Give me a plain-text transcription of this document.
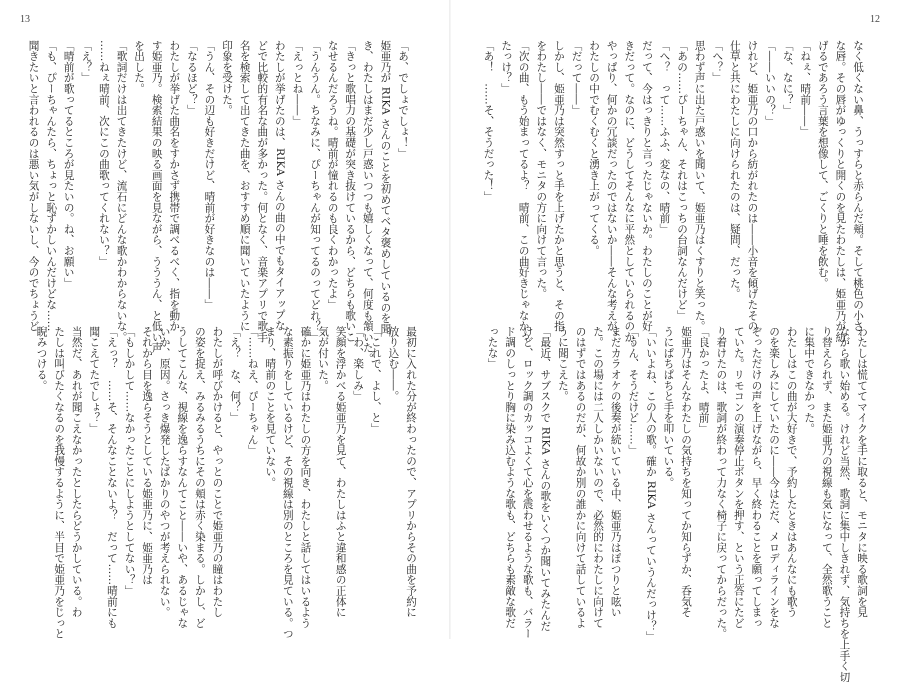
13
「あ、でしょでしょ！」
姫亜乃が RIKA さんのことを初めてベタ褒めしているのを聞
き、わたしはまだ少し戸惑いつつも嬉しくなって、何度も頷いた。
「きっと歌唱力の基礎が突き抜けているから、どちらも歌いこ
なせるんだろうね。晴前が憧れるのも良くわかったよ」
「うんうん。ちなみに、ぴーちゃんが知ってるのってどれ？」
「えっとね――」
わたしが挙げたのは、RIKA さんの曲の中でもタイアップな
どで比較的有名な曲が多かった。何となく、音楽アプリで歌手
名を検索して出てきた曲を、おすすめ順に聞いていたように
印象を受けた。
「うん、その辺も好きだけど、晴前が好きなのは――」
「なるほど？」
わたしが挙げた曲名をすかさず携帯で調べるべく、指を動か
す姫亜乃。検索結果の映る画面を見ながら、うううん、と低い声
を出した。
「歌詞だけは出てきたけど、流石にどんな歌かわからないな。
……ねぇ晴前、次にこの曲歌ってくれない？」
「え？」
「晴前が歌ってるところが見たいの。ね、お願い」
「も、ぴーちゃんたら、ちょっと恥ずかしいんだけどな……
聞きたいと言われるのは悪い気がしないし、今のでちょうど
最初に入れた分が終わったので、アプリからその曲を予約に
放り込む――。
「これで、よし、と」
「わ、楽しみ」
笑顔を浮かべる姫亜乃を見て、わたしはふと違和感の正体に
気が付いた。
確かに姫亜乃はわたしの方を向き、わたしと話してはいるよう
な素振りをしているけど、その視線は別のところを見ている。つ
まり、晴前のことを見ていない。
「……ねえ、ぴーちゃん」
「え？　な、何？」
わたしが呼びかけると、やっとのことで姫亜乃の瞳はわたし
の姿を捉え、みるみるうちにその頬は赤く染まる。しかし、ど
うしてこんな、視線を逸らすなんてこと――いや、あるじゃな
いか、原因。さっき爆発したばかりのやつが考えられない。
それから目を逸らそうとしている姫亜乃に、姫亜乃は
「もしかして……なかったことにしようとしてない？」
「えっ？　……そ、そんなことないよ？　だって……晴前にも
聞こえてたでしょ？」
当然だ、あれが聞こえなかったとしたらどうかしている。わ
たしは叫びたくなるのを我慢するように、半目で姫亜乃をじっと
睨みつける。
12
なく低くない鼻、うっすらと赤らんだ頬。そして桃色の小さ
な唇。その唇がゆっくりと開くのを見たわたしは、姫亜乃が紡
げるであろう言葉を想像して、ごくりと唾を飲む。
「ねぇ、晴前――」
「な、なに？」
「――いいの？」
けれど、姫亜乃の口から紡がれたのは――小音を傾げたその
仕草と共にわたしに向けられたのは、疑問、だった。
「へ？」
思わず声に出た戸惑いを聞いて、姫亜乃はくすりと笑った。
「あの……ぴーちゃん、それはこっちの台詞なんだけど」
「へ？　って……ふふ、変なの、晴前」
だって、今はっきりと言ったじゃないか。わたしのことが好
きだって。なのに、どうしてそんなに平然としていられるのか。
やっぱり、何かの冗談だったのではないか――そんな考えが、
わたしの中でむくむくと湧き上がってくる。
「だって――」
しかし、姫亜乃は突然すっと手を上げたかと思うと、その指
をわたし――ではなく、モニタの方に向けて言った。
「次の曲、もう始まってるよ？　晴前、この曲好きじゃなかっ
たっけ？」
「あ！　……そ、そうだった！」
わたしは慌ててマイクを手に取ると、モニタに映る歌詞を見
ながら歌い始める。けれど当然、歌詞に集中しきれず、気持ちを上手く切
り替えられず、また姫亜乃の視線も気になって、全然歌うこと
に集中できなかった。
わたしはこの曲が大好きで、予約したときはあんなにも歌う
のを楽しみにしていたのに――今はただ、メロディラインをな
ぞっただけの声を上げながら、早く終わることを願ってしまっ
ていた。リモコンの演奏停止ボタンを押す、という正答にたど
り着けたのは、歌詞が終わって力なく椅子に戻ってからだった。
「良かったよ、晴前」
姫亜乃はそんなわたしの気持ちを知ってか知らずか、呑気そ
うにぱちぱちと手を叩いている。
「いいよね、この人の歌。確か RIKA さんっていうんだっけ？」
「うん、そうだけど……」
まだカラオケの後奏が続いている中、姫亜乃はぽつりと呟い
た。この場には二人しかいないので、必然的にわたしに向けて
のはずではあるのだが、何故か別の誰かに向けて話しているよ
うに聞こえた。
「最近、サブスクで RIKA さんの歌をいくつか聞いてみたんだ
けど、ロック調のカッコよくて心を震わせるような歌も、バラー
ド調のしっとり胸に染み込むような歌も、どちらも素敵な歌だ
ったな」
